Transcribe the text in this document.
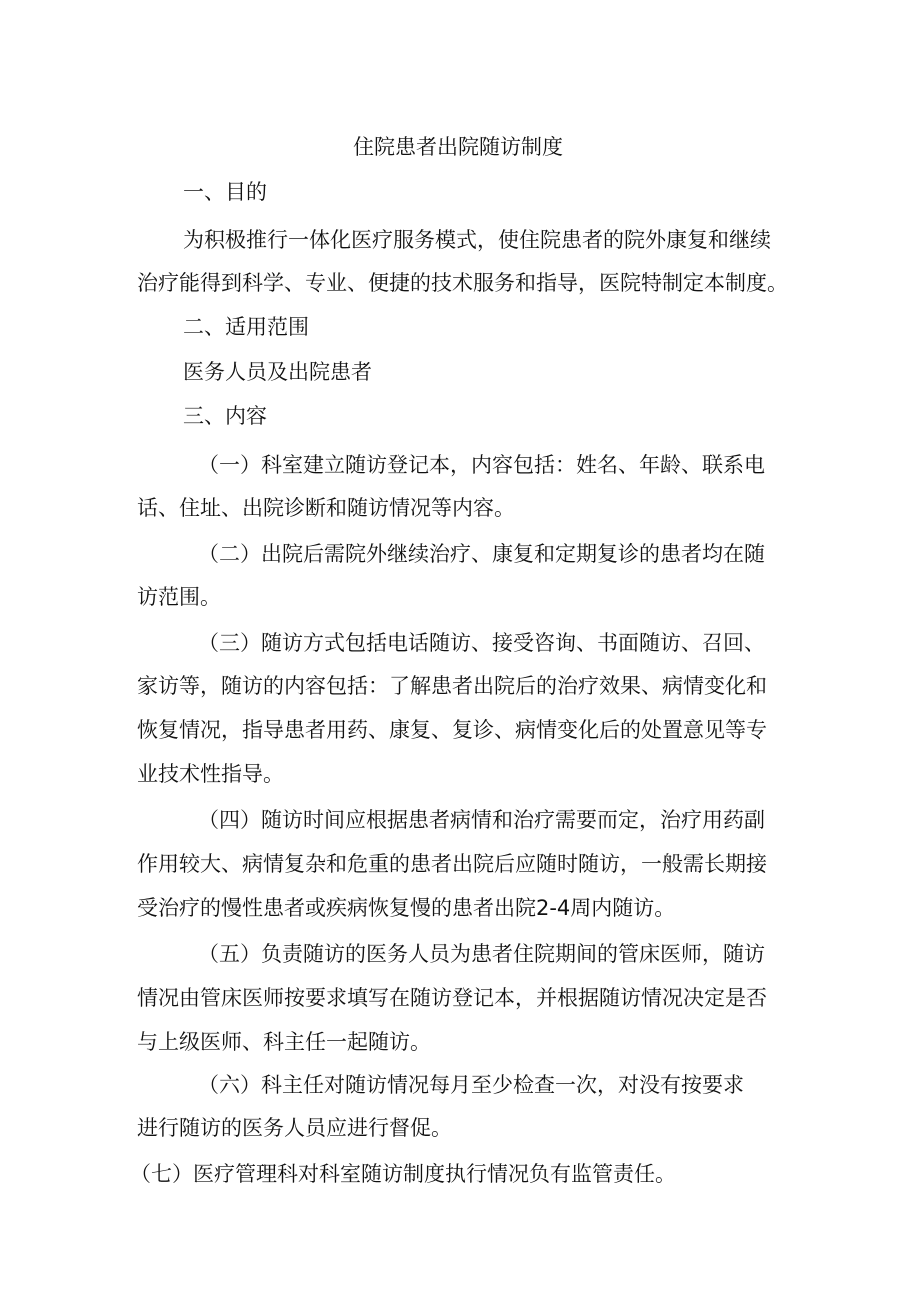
住院患者出院随访制度
一、目的
为积极推行一体化医疗服务模式，使住院患者的院外康复和继续
治疗能得到科学、专业、便捷的技术服务和指导，医院特制定本制度。
二、适用范围
医务人员及出院患者
三、内容
（一）科室建立随访登记本，内容包括：姓名、年龄、联系电
话、住址、出院诊断和随访情况等内容。
（二）出院后需院外继续治疗、康复和定期复诊的患者均在随
访范围。
（三）随访方式包括电话随访、接受咨询、书面随访、召回、
家访等，随访的内容包括：了解患者出院后的治疗效果、病情变化和
恢复情况，指导患者用药、康复、复诊、病情变化后的处置意见等专
业技术性指导。
（四）随访时间应根据患者病情和治疗需要而定，治疗用药副
作用较大、病情复杂和危重的患者出院后应随时随访，一般需长期接
受治疗的慢性患者或疾病恢复慢的患者出院2-4周内随访。
（五）负责随访的医务人员为患者住院期间的管床医师，随访
情况由管床医师按要求填写在随访登记本，并根据随访情况决定是否
与上级医师、科主任一起随访。
（六）科主任对随访情况每月至少检查一次，对没有按要求
进行随访的医务人员应进行督促。
（七）医疗管理科对科室随访制度执行情况负有监管责任。
